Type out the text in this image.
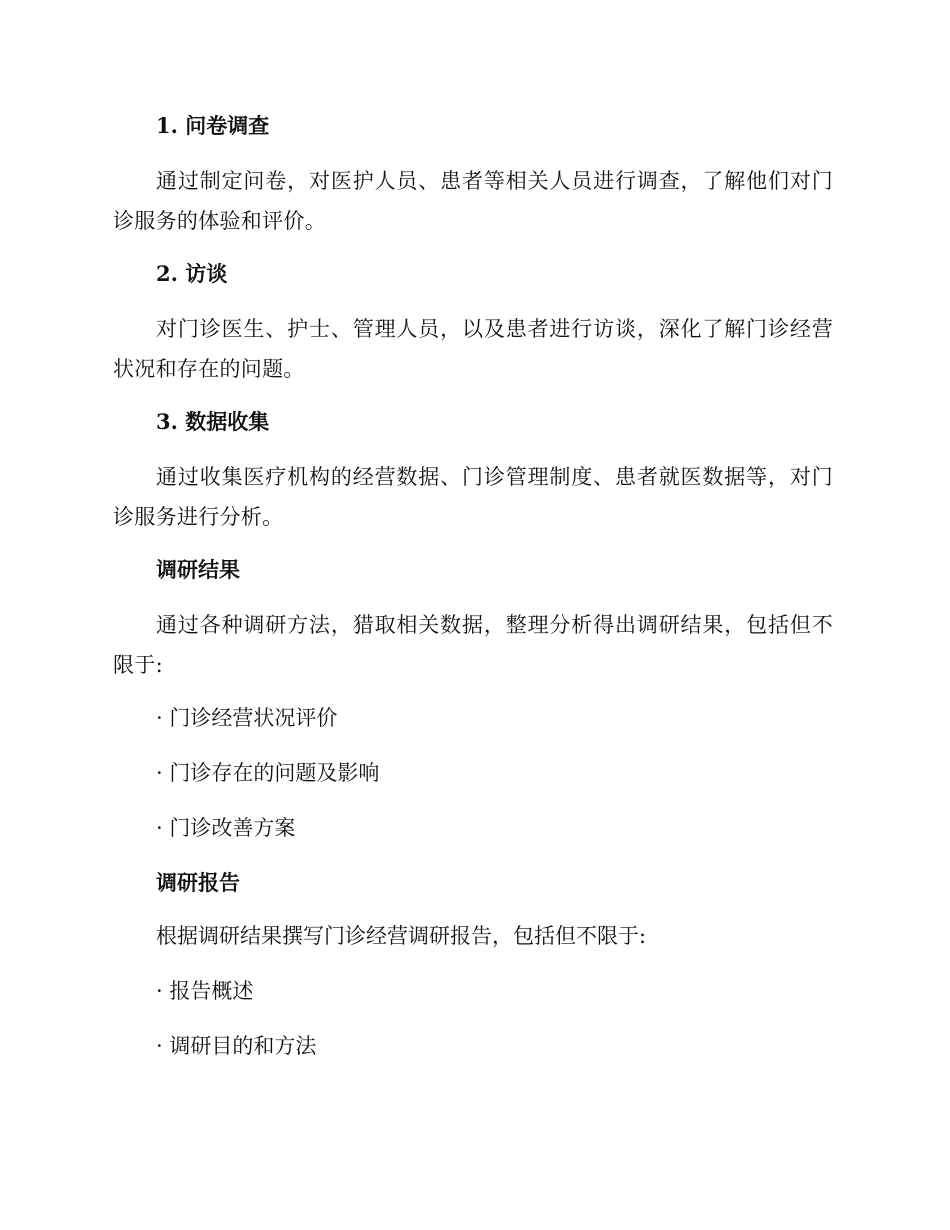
1. 问卷调查

通过制定问卷，对医护人员、患者等相关人员进行调查，了解他们对门诊服务的体验和评价。

2. 访谈

对门诊医生、护士、管理人员，以及患者进行访谈，深化了解门诊经营状况和存在的问题。

3. 数据收集

通过收集医疗机构的经营数据、门诊管理制度、患者就医数据等，对门诊服务进行分析。

调研结果

通过各种调研方法，猎取相关数据，整理分析得出调研结果，包括但不限于:

· 门诊经营状况评价

· 门诊存在的问题及影响

· 门诊改善方案

调研报告

根据调研结果撰写门诊经营调研报告，包括但不限于:

· 报告概述

· 调研目的和方法
